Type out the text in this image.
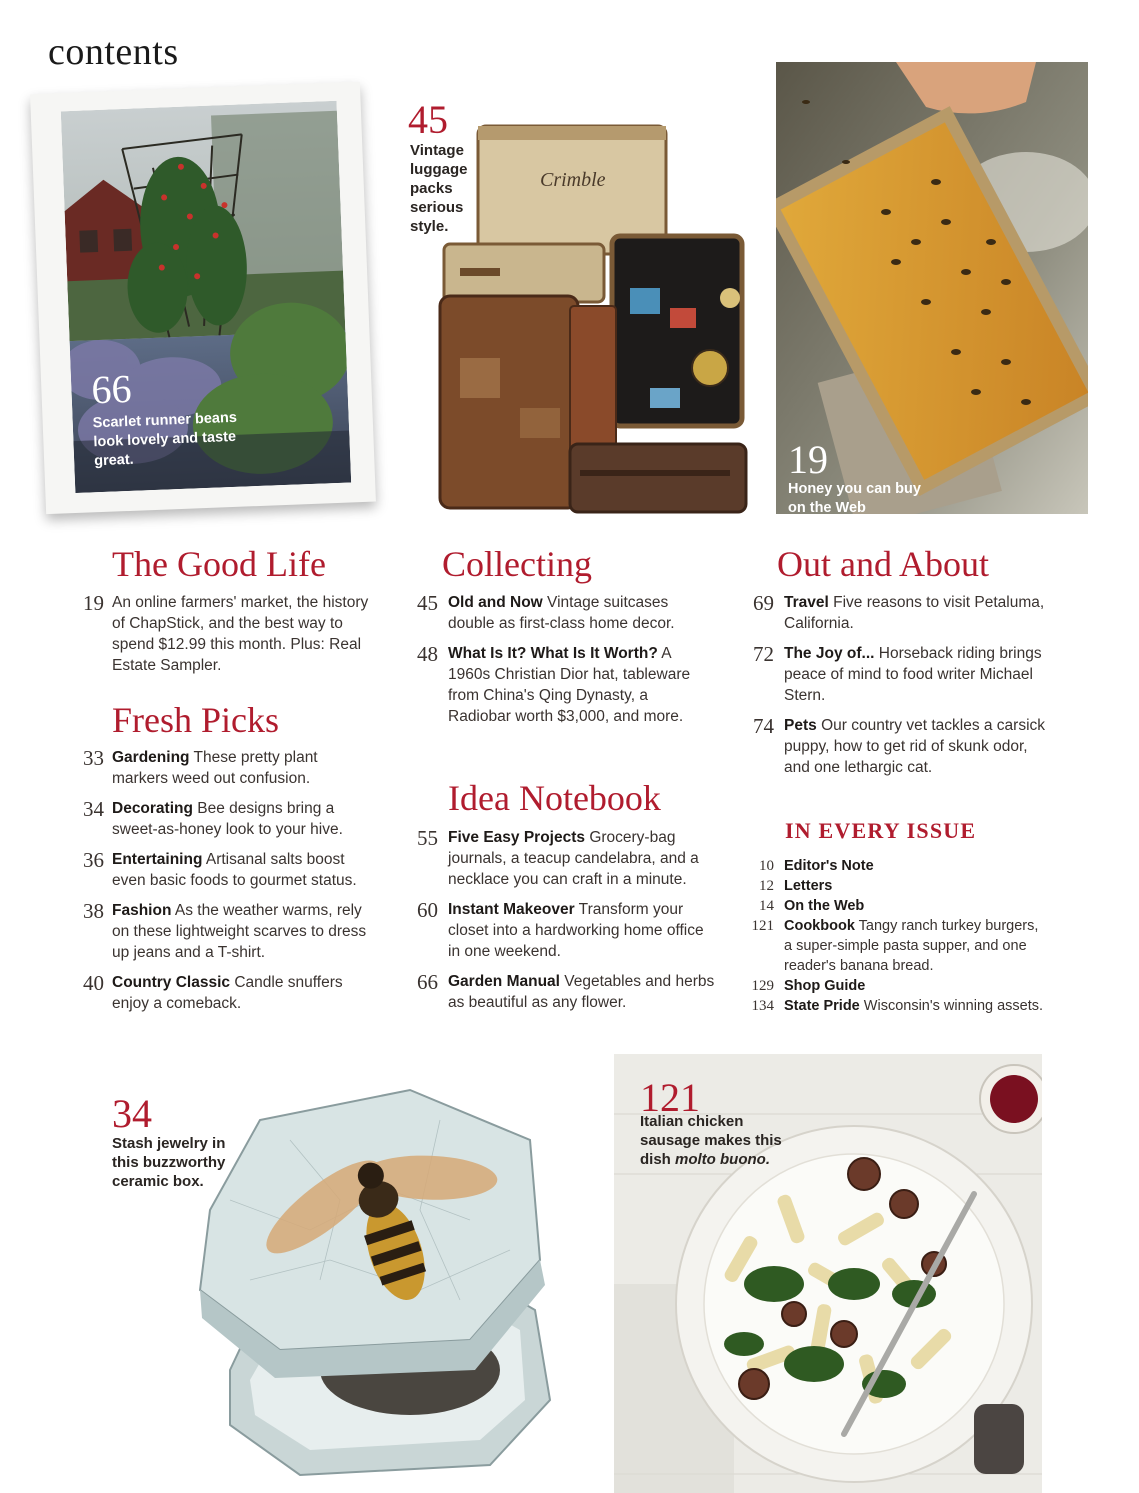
contents
66
Scarlet runner beans look lovely and taste great.
45
Vintage luggage packs serious style.
Crimble
19
Honey you can buy on the Web
The Good Life
19 An online farmers' market, the history of ChapStick, and the best way to spend $12.99 this month. Plus: Real Estate Sampler.
Fresh Picks
33 Gardening These pretty plant markers weed out confusion.
34 Decorating Bee designs bring a sweet-as-honey look to your hive.
36 Entertaining Artisanal salts boost even basic foods to gourmet status.
38 Fashion As the weather warms, rely on these lightweight scarves to dress up jeans and a T-shirt.
40 Country Classic Candle snuffers enjoy a comeback.
Collecting
45 Old and Now Vintage suitcases double as first-class home decor.
48 What Is It? What Is It Worth? A 1960s Christian Dior hat, tableware from China's Qing Dynasty, a Radiobar worth $3,000, and more.
Idea Notebook
55 Five Easy Projects Grocery-bag journals, a teacup candelabra, and a necklace you can craft in a minute.
60 Instant Makeover Transform your closet into a hardworking home office in one weekend.
66 Garden Manual Vegetables and herbs as beautiful as any flower.
Out and About
69 Travel Five reasons to visit Petaluma, California.
72 The Joy of... Horseback riding brings peace of mind to food writer Michael Stern.
74 Pets Our country vet tackles a carsick puppy, how to get rid of skunk odor, and one lethargic cat.
IN EVERY ISSUE
10 Editor's Note
12 Letters
14 On the Web
121 Cookbook Tangy ranch turkey burgers, a super-simple pasta supper, and one reader's banana bread.
129 Shop Guide
134 State Pride Wisconsin's winning assets.
34
Stash jewelry in this buzzworthy ceramic box.
121
Italian chicken sausage makes this dish molto buono.
